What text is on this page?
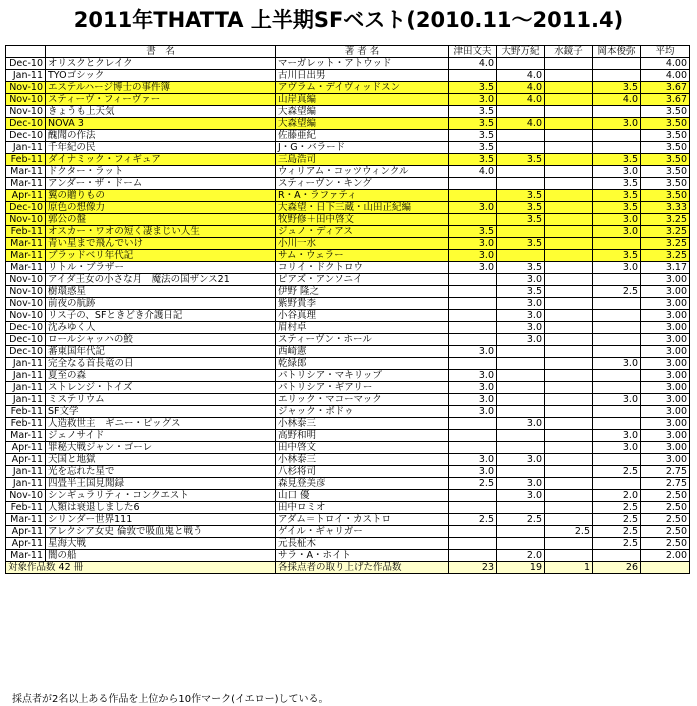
2011年THATTA 上半期SFベスト(2010.11～2011.4)
	書　名	著 者 名	津田文夫	大野万紀	水鏡子	岡本俊弥	平均
Dec-10	オリスクとクレイク	マーガレット・アトウッド	4.0				4.00
Jan-11	TYOゴシック	古川日出男		4.0			4.00
Nov-10	エステルハージ博士の事件簿	アヴラム・デイヴィッドスン	3.5	4.0		3.5	3.67
Nov-10	スティーヴ・フィーヴァー	山岸真編	3.0	4.0		4.0	3.67
Nov-10	きょうも上天気	大森望編	3.5				3.50
Dec-10	NOVA 3	大森望編	3.5	4.0		3.0	3.50
Dec-10	醜聞の作法	佐藤亜紀	3.5				3.50
Jan-11	千年紀の民	J・G・バラード	3.5				3.50
Feb-11	ダイナミック・フィギュア	三島浩司	3.5	3.5		3.5	3.50
Mar-11	ドクター・ラット	ウィリアム・コッツウィンクル	4.0			3.0	3.50
Mar-11	アンダー・ザ・ドーム	スティーヴン・キング				3.5	3.50
Apr-11	翼の贈りもの	R・A・ラファティ		3.5		3.5	3.50
Dec-10	原色の想像力	大森望・日下三蔵・山田正紀編	3.0	3.5		3.5	3.33
Nov-10	郭公の盤	牧野修＋田中啓文		3.5		3.0	3.25
Feb-11	オスカー・ワオの短く凄まじい人生	ジュノ・ディアス	3.5			3.0	3.25
Mar-11	青い星まで飛んでいけ	小川一水	3.0	3.5			3.25
Mar-11	ブラッドベリ年代記	サム・ウェラー	3.0			3.5	3.25
Mar-11	リトル・ブラザー	コリイ・ドクトロウ	3.0	3.5		3.0	3.17
Nov-10	アイダ王女の小さな月　魔法の国ザンス21	ピアズ・アンソニイ		3.0			3.00
Nov-10	樹環惑星	伊野 隆之		3.5		2.5	3.00
Nov-10	前夜の航跡	紫野貴李		3.0			3.00
Nov-10	リス子の、SFときどき介護日記	小谷真理		3.0			3.00
Dec-10	沈みゆく人	眉村卓		3.0			3.00
Dec-10	ロールシャッハの鮫	スティーヴン・ホール		3.0			3.00
Dec-10	蕃東国年代記	西崎憲	3.0				3.00
Jan-11	完全なる首長竜の日	乾緑郎				3.0	3.00
Jan-11	夏至の森	パトリシア・マキリップ	3.0				3.00
Jan-11	ストレンジ・トイズ	パトリシア・ギアリー	3.0				3.00
Jan-11	ミステリウム	エリック・マコーマック	3.0			3.0	3.00
Feb-11	SF文学	ジャック・ボドゥ	3.0				3.00
Feb-11	人造救世主　ギニー・ピッグス	小林泰三		3.0			3.00
Mar-11	ジェノサイド	高野和明				3.0	3.00
Apr-11	罪秘大戦ジャン・ゴーレ	田中啓文				3.0	3.00
Apr-11	天国と地獄	小林泰三	3.0	3.0			3.00
Jan-11	光を忘れた星で	八杉将司	3.0			2.5	2.75
Jan-11	四畳半王国見聞録	森見登美彦	2.5	3.0			2.75
Nov-10	シンギュラリティ・コンクエスト	山口 優		3.0		2.0	2.50
Feb-11	人類は衰退しました6	田中ロミオ				2.5	2.50
Mar-11	シリンダー世界111	アダム＝トロイ・カストロ	2.5	2.5		2.5	2.50
Apr-11	アレクシア女史 倫敦で吸血鬼と戦う	ゲイル・ギャリガー			2.5	2.5	2.50
Apr-11	星海大戦	元長柾木				2.5	2.50
Mar-11	闇の船	サラ・A・ホイト		2.0			2.00
対象作品数 42 冊		各採点者の取り上げた作品数	23	19	1	26	
採点者が2名以上ある作品を上位から10作マーク(イエロー)している。
